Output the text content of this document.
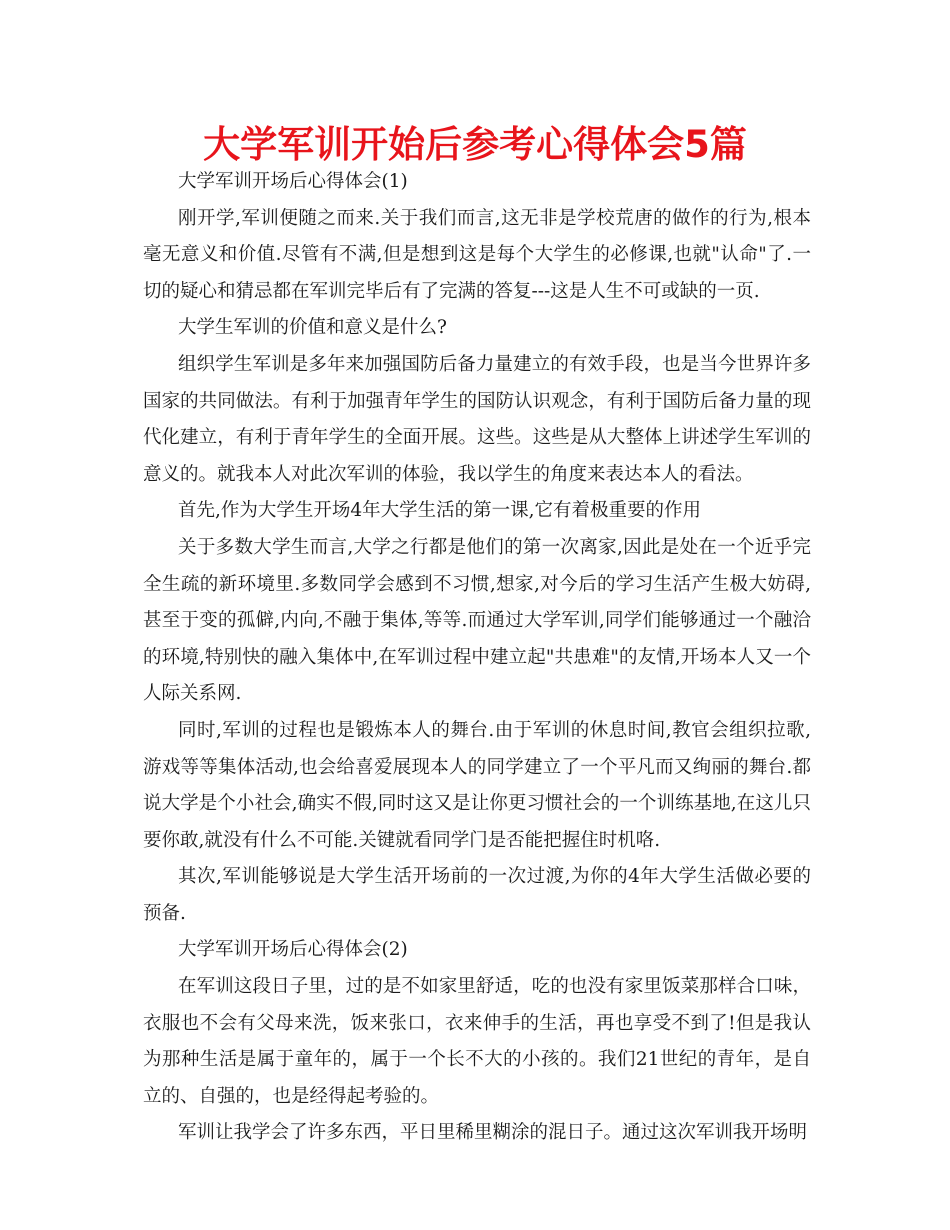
大学军训开始后参考心得体会5篇

大学军训开场后心得体会(1)

刚开学,军训便随之而来.关于我们而言,这无非是学校荒唐的做作的行为,根本毫无意义和价值.尽管有不满,但是想到这是每个大学生的必修课,也就"认命"了.一切的疑心和猜忌都在军训完毕后有了完满的答复---这是人生不可或缺的一页.

大学生军训的价值和意义是什么?

组织学生军训是多年来加强国防后备力量建立的有效手段，也是当今世界许多国家的共同做法。有利于加强青年学生的国防认识观念，有利于国防后备力量的现代化建立，有利于青年学生的全面开展。这些。这些是从大整体上讲述学生军训的意义的。就我本人对此次军训的体验，我以学生的角度来表达本人的看法。

首先,作为大学生开场4年大学生活的第一课,它有着极重要的作用

关于多数大学生而言,大学之行都是他们的第一次离家,因此是处在一个近乎完全生疏的新环境里.多数同学会感到不习惯,想家,对今后的学习生活产生极大妨碍,甚至于变的孤僻,内向,不融于集体,等等.而通过大学军训,同学们能够通过一个融洽的环境,特别快的融入集体中,在军训过程中建立起"共患难"的友情,开场本人又一个人际关系网.

同时,军训的过程也是锻炼本人的舞台.由于军训的休息时间,教官会组织拉歌,游戏等等集体活动,也会给喜爱展现本人的同学建立了一个平凡而又绚丽的舞台.都说大学是个小社会,确实不假,同时这又是让你更习惯社会的一个训练基地,在这儿只要你敢,就没有什么不可能.关键就看同学门是否能把握住时机咯.

其次,军训能够说是大学生活开场前的一次过渡,为你的4年大学生活做必要的预备.

大学军训开场后心得体会(2)

在军训这段日子里，过的是不如家里舒适，吃的也没有家里饭菜那样合口味，衣服也不会有父母来洗，饭来张口，衣来伸手的生活，再也享受不到了!但是我认为那种生活是属于童年的，属于一个长不大的小孩的。我们21世纪的青年，是自立的、自强的，也是经得起考验的。

军训让我学会了许多东西，平日里稀里糊涂的混日子。通过这次军训我开场明
